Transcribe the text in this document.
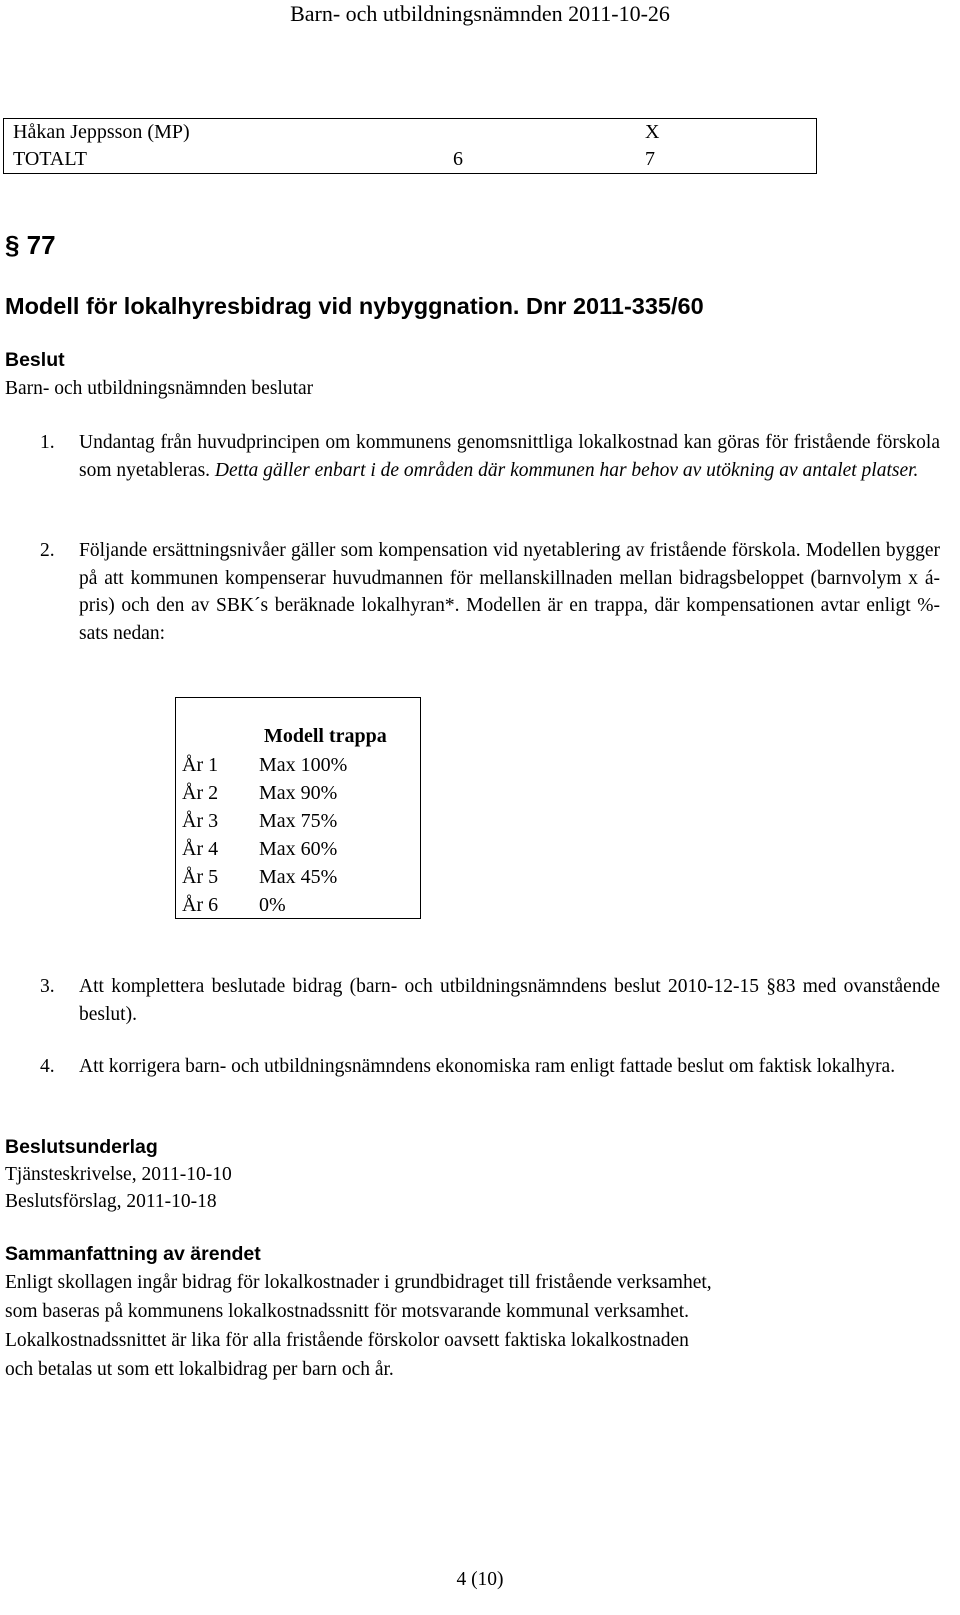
Barn- och utbildningsnämnden 2011-10-26
Håkan Jeppsson (MP)		X
TOTALT	6	7
§ 77
Modell för lokalhyresbidrag vid nybyggnation. Dnr 2011-335/60
Beslut
Barn- och utbildningsnämnden beslutar
1.	Undantag från huvudprincipen om kommunens genomsnittliga lokalkostnad kan göras för fristående förskola som nyetableras. Detta gäller enbart i de områden där kommunen har behov av utökning av antalet platser.
2.	Följande ersättningsnivåer gäller som kompensation vid nyetablering av fristående förskola. Modellen bygger på att kommunen kompenserar huvudmannen för mellanskillnaden mellan bidragsbeloppet (barnvolym x á-pris) och den av SBK´s beräknade lokalhyran*. Modellen är en trappa, där kompensationen avtar enligt %-sats nedan:
Modell trappa
År 1 Max 100%
År 2 Max 90%
År 3 Max 75%
År 4 Max 60%
År 5 Max 45%
År 6 0%
3.	Att komplettera beslutade bidrag (barn- och utbildningsnämndens beslut 2010-12-15 §83 med ovanstående beslut).
4.	Att korrigera barn- och utbildningsnämndens ekonomiska ram enligt fattade beslut om faktisk lokalhyra.
Beslutsunderlag
Tjänsteskrivelse, 2011-10-10
Beslutsförslag, 2011-10-18
Sammanfattning av ärendet
Enligt skollagen ingår bidrag för lokalkostnader i grundbidraget till fristående verksamhet,
som baseras på kommunens lokalkostnadssnitt för motsvarande kommunal verksamhet.
Lokalkostnadssnittet är lika för alla fristående förskolor oavsett faktiska lokalkostnaden
och betalas ut som ett lokalbidrag per barn och år.
4 (10)
